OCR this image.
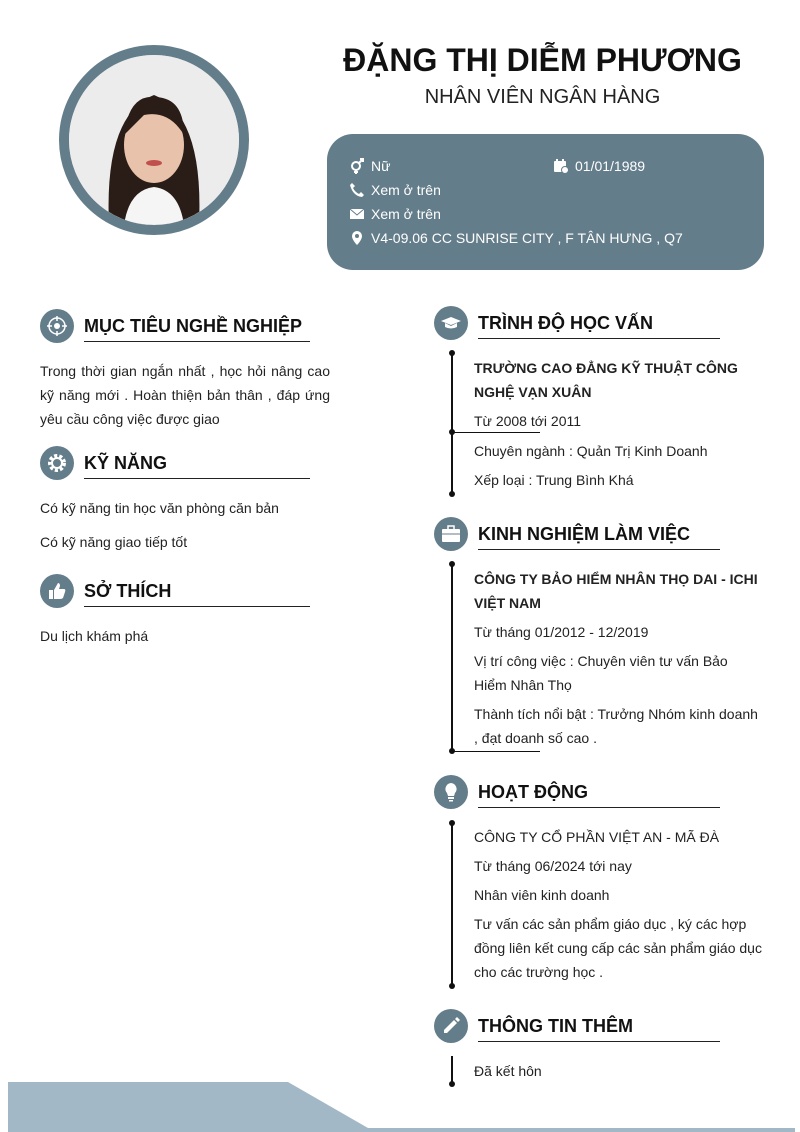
ĐẶNG THỊ DIỄM PHƯƠNG
NHÂN VIÊN NGÂN HÀNG
Nữ	01/01/1989
Xem ở trên
Xem ở trên
V4-09.06 CC SUNRISE CITY , F TÂN HƯNG , Q7
MỤC TIÊU NGHỀ NGHIỆP
Trong thời gian ngắn nhất , học hỏi nâng cao kỹ năng mới . Hoàn thiện bản thân , đáp ứng yêu cầu công việc được giao
KỸ NĂNG
Có kỹ năng tin học văn phòng căn bản
Có kỹ năng giao tiếp tốt
SỞ THÍCH
Du lịch khám phá
TRÌNH ĐỘ HỌC VẤN
TRƯỜNG CAO ĐẲNG KỸ THUẬT CÔNG NGHỆ VẠN XUÂN
Từ 2008 tới 2011
Chuyên ngành : Quản Trị Kinh Doanh
Xếp loại : Trung Bình Khá
KINH NGHIỆM LÀM VIỆC
CÔNG TY BẢO HIỂM NHÂN THỌ DAI - ICHI VIỆT NAM
Từ tháng 01/2012 - 12/2019
Vị trí công việc : Chuyên viên tư vấn Bảo Hiểm Nhân Thọ
Thành tích nổi bật : Trưởng Nhóm kinh doanh , đạt doanh số cao .
HOẠT ĐỘNG
CÔNG TY CỔ PHẦN VIỆT AN - MÃ ĐÀ
Từ tháng 06/2024 tới nay
Nhân viên kinh doanh
Tư vấn các sản phẩm giáo dục , ký các hợp đồng liên kết cung cấp các sản phẩm giáo dục cho các trường học .
THÔNG TIN THÊM
Đã kết hôn
